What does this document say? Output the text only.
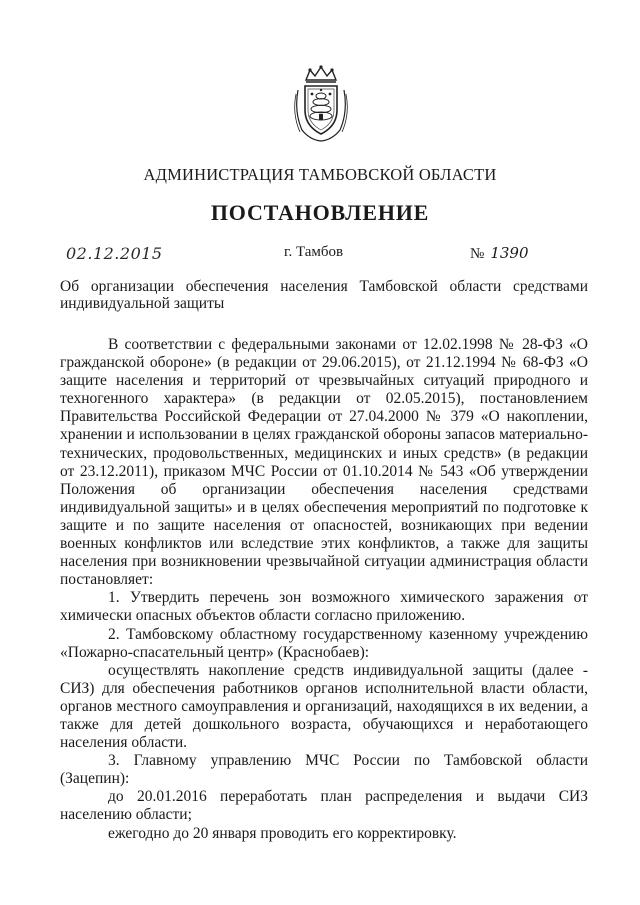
АДМИНИСТРАЦИЯ ТАМБОВСКОЙ ОБЛАСТИ
ПОСТАНОВЛЕНИЕ
02.12.2015	г. Тамбов	№ 1390
Об организации обеспечения населения Тамбовской области средствами индивидуальной защиты

В соответствии с федеральными законами от 12.02.1998 № 28-ФЗ «О гражданской обороне» (в редакции от 29.06.2015), от 21.12.1994 № 68-ФЗ «О защите населения и территорий от чрезвычайных ситуаций природного и техногенного характера» (в редакции от 02.05.2015), постановлением Правительства Российской Федерации от 27.04.2000 № 379 «О накоплении, хранении и использовании в целях гражданской обороны запасов материально-технических, продовольственных, медицинских и иных средств» (в редакции от 23.12.2011), приказом МЧС России от 01.10.2014 № 543 «Об утверждении Положения об организации обеспечения населения средствами индивидуальной защиты» и в целях обеспечения мероприятий по подготовке к защите и по защите населения от опасностей, возникающих при ведении военных конфликтов или вследствие этих конфликтов, а также для защиты населения при возникновении чрезвычайной ситуации администрация области постановляет:

1. Утвердить перечень зон возможного химического заражения от химически опасных объектов области согласно приложению.

2. Тамбовскому областному государственному казенному учреждению «Пожарно-спасательный центр» (Краснобаев):

осуществлять накопление средств индивидуальной защиты (далее - СИЗ) для обеспечения работников органов исполнительной власти области, органов местного самоуправления и организаций, находящихся в их ведении, а также для детей дошкольного возраста, обучающихся и неработающего населения области.

3. Главному управлению МЧС России по Тамбовской области (Зацепин):

до 20.01.2016 переработать план распределения и выдачи СИЗ населению области;

ежегодно до 20 января проводить его корректировку.
